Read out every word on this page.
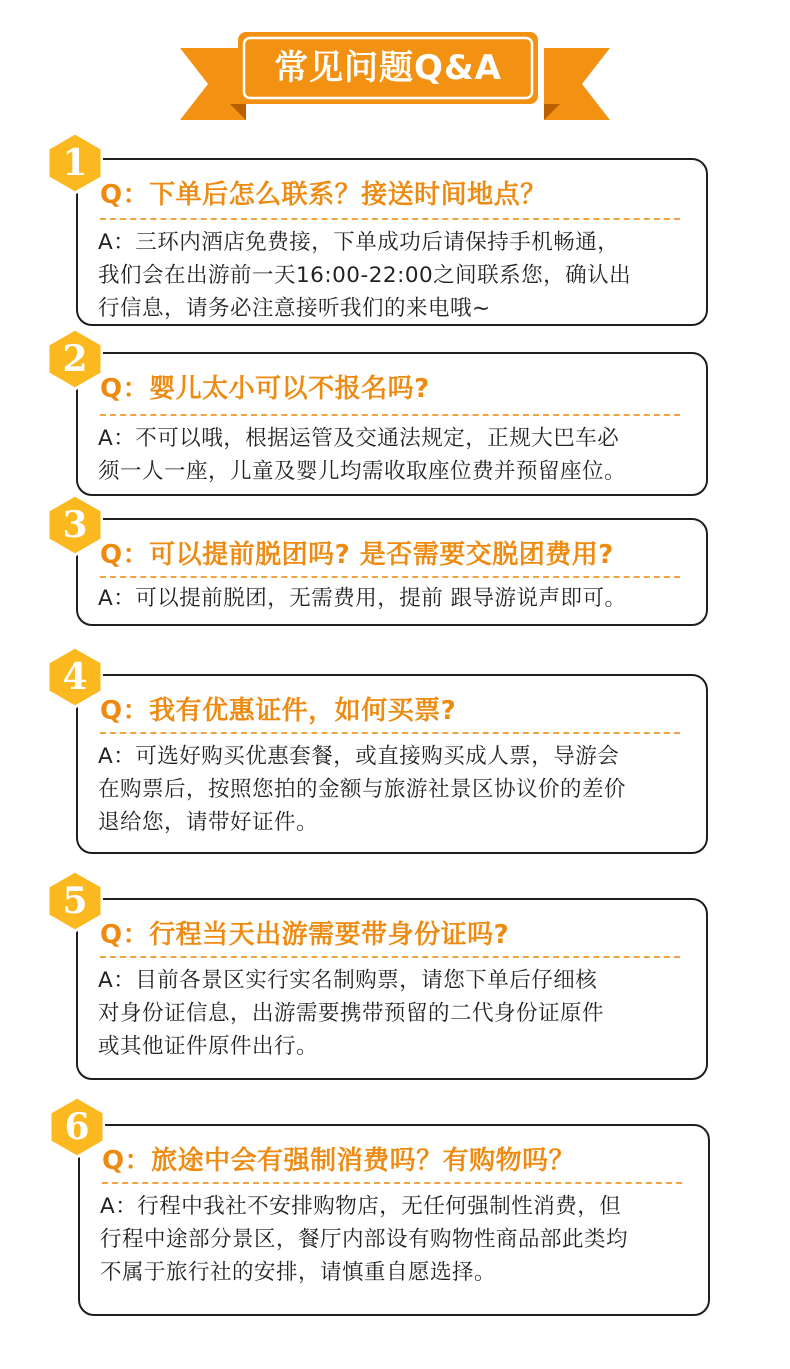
常见问题Q&A
Q：下单后怎么联系？接送时间地点？
A：三环内酒店免费接，下单成功后请保持手机畅通，
我们会在出游前一天16:00-22:00之间联系您，确认出
行信息，请务必注意接听我们的来电哦~
1
Q：婴儿太小可以不报名吗?
A：不可以哦，根据运管及交通法规定，正规大巴车必
须一人一座，儿童及婴儿均需收取座位费并预留座位。
2
Q：可以提前脱团吗? 是否需要交脱团费用?
A：可以提前脱团，无需费用，提前 跟导游说声即可。
3
Q：我有优惠证件，如何买票?
A：可选好购买优惠套餐，或直接购买成人票，导游会
在购票后，按照您拍的金额与旅游社景区协议价的差价
退给您，请带好证件。
4
Q：行程当天出游需要带身份证吗?
A：目前各景区实行实名制购票，请您下单后仔细核
对身份证信息，出游需要携带预留的二代身份证原件
或其他证件原件出行。
5
Q：旅途中会有强制消费吗？有购物吗？
A：行程中我社不安排购物店，无任何强制性消费，但
行程中途部分景区，餐厅内部设有购物性商品部此类均
不属于旅行社的安排，请慎重自愿选择。
6
